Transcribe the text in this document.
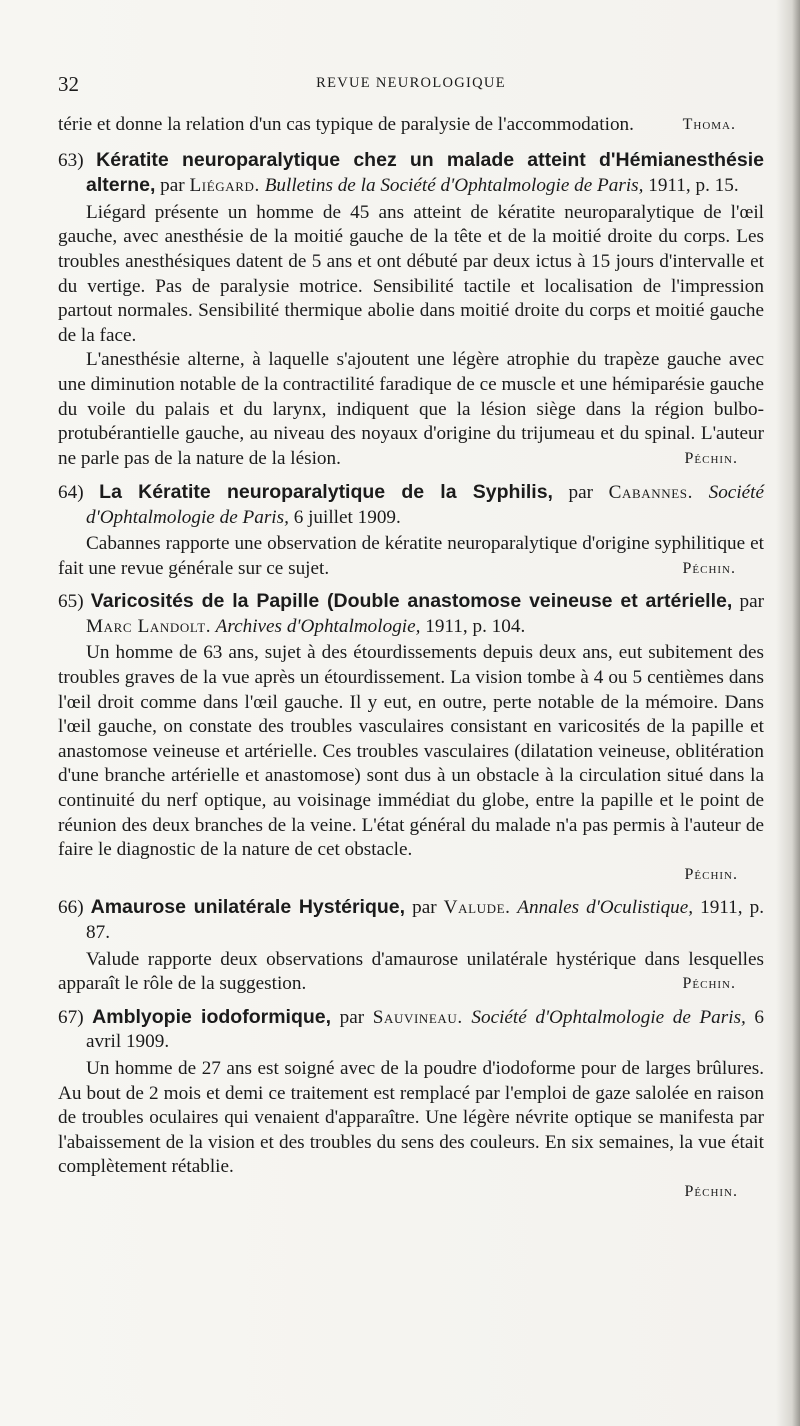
32	REVUE NEUROLOGIQUE

térie et donne la relation d'un cas typique de paralysie de l'accommodation.	Thoma.

63) Kératite neuroparalytique chez un malade atteint d'Hémianesthésie alterne, par Liégard. Bulletins de la Société d'Ophtalmologie de Paris, 1911, p. 15.

Liégard présente un homme de 45 ans atteint de kératite neuroparalytique de l'œil gauche, avec anesthésie de la moitié gauche de la tête et de la moitié droite du corps. Les troubles anesthésiques datent de 5 ans et ont débuté par deux ictus à 15 jours d'intervalle et du vertige. Pas de paralysie motrice. Sensibilité tactile et localisation de l'impression partout normales. Sensibilité thermique abolie dans moitié droite du corps et moitié gauche de la face.

L'anesthésie alterne, à laquelle s'ajoutent une légère atrophie du trapèze gauche avec une diminution notable de la contractilité faradique de ce muscle et une hémiparésie gauche du voile du palais et du larynx, indiquent que la lésion siège dans la région bulbo-protubérantielle gauche, au niveau des noyaux d'origine du trijumeau et du spinal. L'auteur ne parle pas de la nature de la lésion.	Péchin.

64) La Kératite neuroparalytique de la Syphilis, par Cabannes. Société d'Ophtalmologie de Paris, 6 juillet 1909.

Cabannes rapporte une observation de kératite neuroparalytique d'origine syphilitique et fait une revue générale sur ce sujet.	Péchin.

65) Varicosités de la Papille (Double anastomose veineuse et artérielle, par Marc Landolt. Archives d'Ophtalmologie, 1911, p. 104.

Un homme de 63 ans, sujet à des étourdissements depuis deux ans, eut subitement des troubles graves de la vue après un étourdissement. La vision tombe à 4 ou 5 centièmes dans l'œil droit comme dans l'œil gauche. Il y eut, en outre, perte notable de la mémoire. Dans l'œil gauche, on constate des troubles vasculaires consistant en varicosités de la papille et anastomose veineuse et artérielle. Ces troubles vasculaires (dilatation veineuse, oblitération d'une branche artérielle et anastomose) sont dus à un obstacle à la circulation situé dans la continuité du nerf optique, au voisinage immédiat du globe, entre la papille et le point de réunion des deux branches de la veine. L'état général du malade n'a pas permis à l'auteur de faire le diagnostic de la nature de cet obstacle.

Péchin.

66) Amaurose unilatérale Hystérique, par Valude. Annales d'Oculistique, 1911, p. 87.

Valude rapporte deux observations d'amaurose unilatérale hystérique dans lesquelles apparaît le rôle de la suggestion.	Péchin.

67) Amblyopie iodoformique, par Sauvineau. Société d'Ophtalmologie de Paris, 6 avril 1909.

Un homme de 27 ans est soigné avec de la poudre d'iodoforme pour de larges brûlures. Au bout de 2 mois et demi ce traitement est remplacé par l'emploi de gaze salolée en raison de troubles oculaires qui venaient d'apparaître. Une légère névrite optique se manifesta par l'abaissement de la vision et des troubles du sens des couleurs. En six semaines, la vue était complètement rétablie.

Péchin.
